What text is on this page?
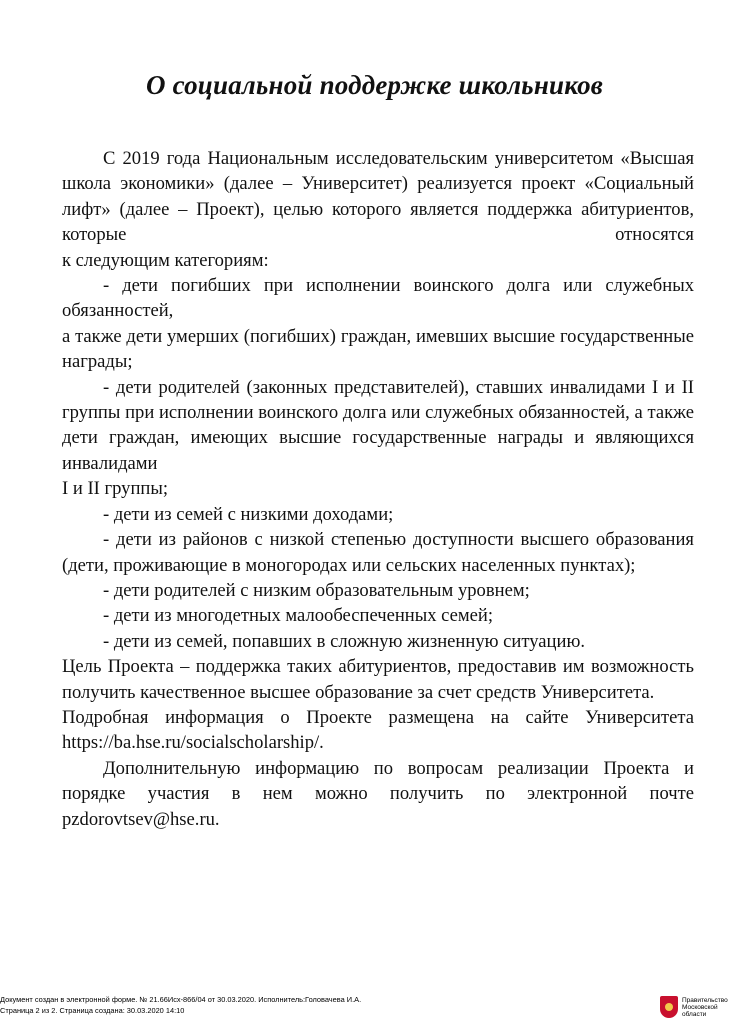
О социальной поддержке школьников

С 2019 года Национальным исследовательским университетом «Высшая школа экономики» (далее – Университет) реализуется проект «Социальный лифт» (далее – Проект), целью которого является поддержка абитуриентов, которые относятся

к следующим категориям:

- дети погибших при исполнении воинского долга или служебных обязанностей,

а также дети умерших (погибших) граждан, имевших высшие государственные награды;

- дети родителей (законных представителей), ставших инвалидами I и II группы при исполнении воинского долга или служебных обязанностей, а также дети граждан, имеющих высшие государственные награды и являющихся инвалидами

I и II группы;

- дети из семей с низкими доходами;

- дети из районов с низкой степенью доступности высшего образования (дети, проживающие в моногородах или сельских населенных пунктах);

- дети родителей с низким образовательным уровнем;

- дети из многодетных малообеспеченных семей;

- дети из семей, попавших в сложную жизненную ситуацию.

Цель Проекта – поддержка таких абитуриентов, предоставив им возможность получить качественное высшее образование за счет средств Университета.

Подробная информация о Проекте размещена на сайте Университета https://ba.hse.ru/socialscholarship/.

Дополнительную информацию по вопросам реализации Проекта и порядке участия в нем можно получить по электронной почте pzdorovtsev@hse.ru.

Документ создан в электронной форме. № 21.66Исх-866/04 от 30.03.2020. Исполнитель:Головачева И.А.
Страница 2 из 2. Страница создана: 30.03.2020 14:10
Правительство Московской области
